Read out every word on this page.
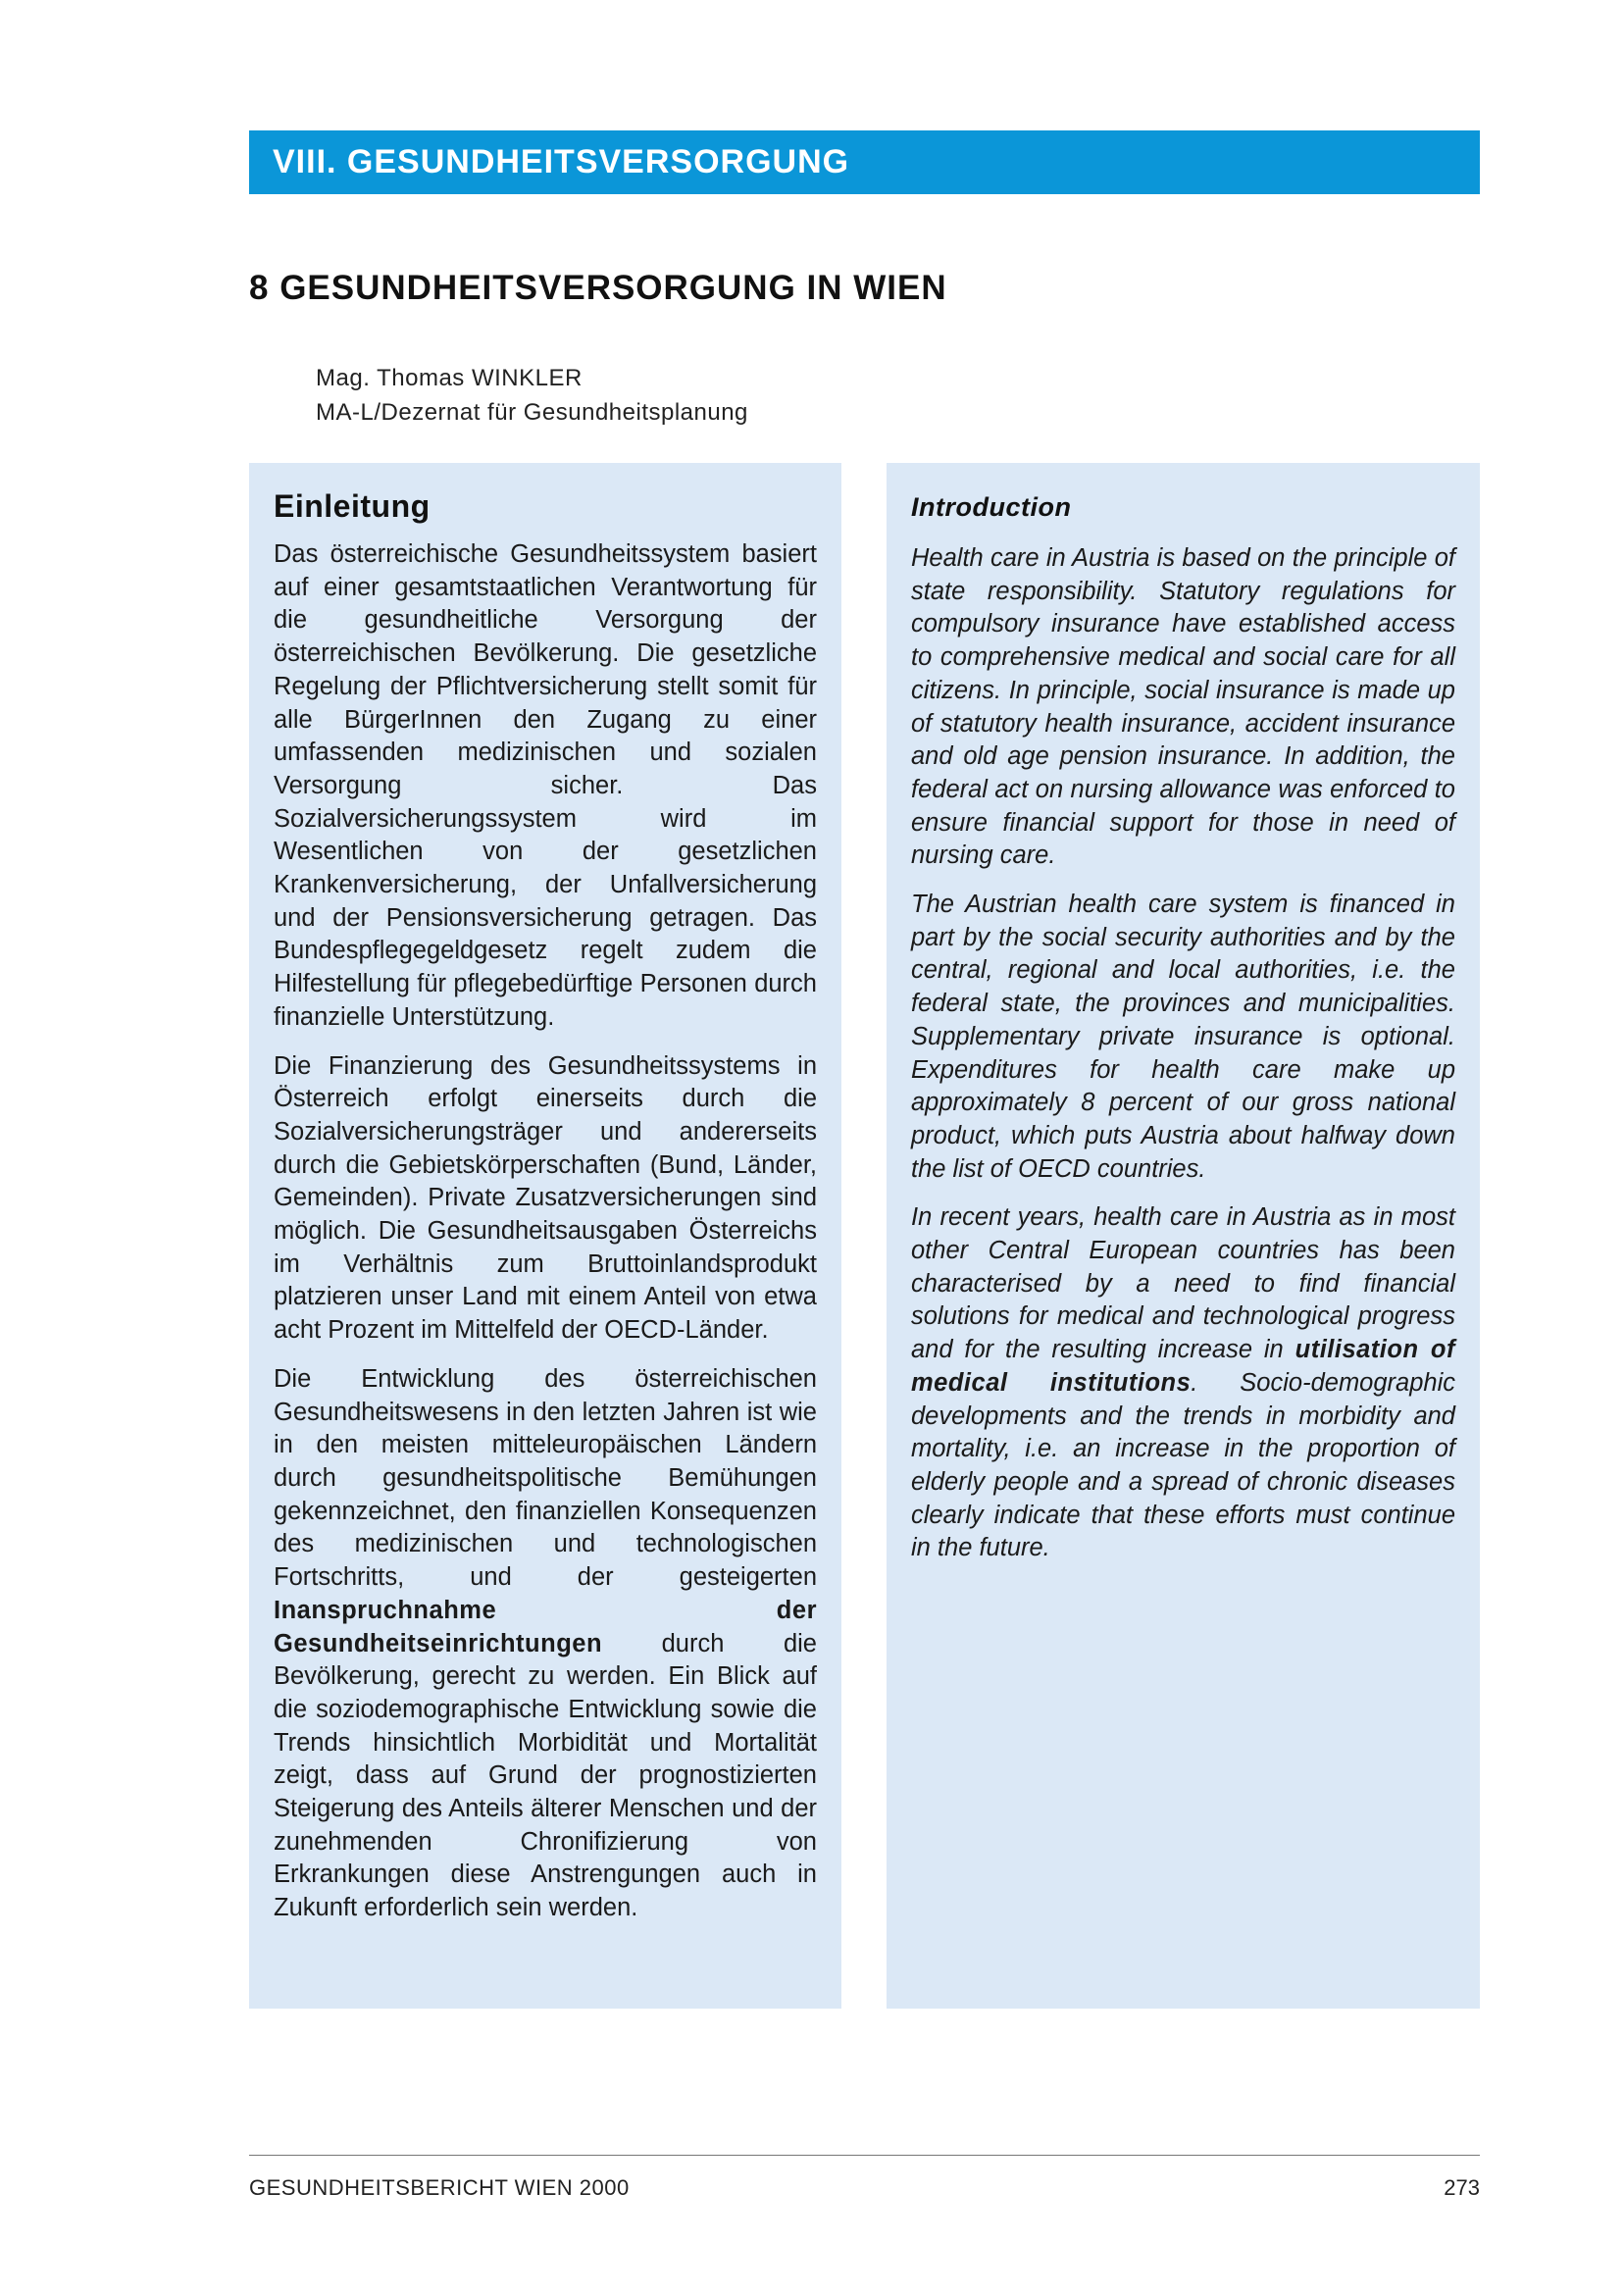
VIII. GESUNDHEITSVERSORGUNG
8 GESUNDHEITSVERSORGUNG IN WIEN
Mag. Thomas WINKLER
MA-L/Dezernat für Gesundheitsplanung
Einleitung

Das österreichische Gesundheitssystem basiert auf einer gesamtstaatlichen Verantwortung für die gesundheitliche Versorgung der österreichischen Bevölkerung. Die gesetzliche Regelung der Pflichtversicherung stellt somit für alle BürgerInnen den Zugang zu einer umfassenden medizinischen und sozialen Versorgung sicher. Das Sozialversicherungssystem wird im Wesentlichen von der gesetzlichen Krankenversicherung, der Unfallversicherung und der Pensionsversicherung getragen. Das Bundespflegegeldgesetz regelt zudem die Hilfestellung für pflegebedürftige Personen durch finanzielle Unterstützung.

Die Finanzierung des Gesundheitssystems in Österreich erfolgt einerseits durch die Sozialversicherungsträger und andererseits durch die Gebietskörperschaften (Bund, Länder, Gemeinden). Private Zusatzversicherungen sind möglich. Die Gesundheitsausgaben Österreichs im Verhältnis zum Bruttoinlandsprodukt platzieren unser Land mit einem Anteil von etwa acht Prozent im Mittelfeld der OECD-Länder.

Die Entwicklung des österreichischen Gesundheitswesens in den letzten Jahren ist wie in den meisten mitteleuropäischen Ländern durch gesundheitspolitische Bemühungen gekennzeichnet, den finanziellen Konsequenzen des medizinischen und technologischen Fortschritts, und der gesteigerten Inanspruchnahme der Gesundheitseinrichtungen durch die Bevölkerung, gerecht zu werden. Ein Blick auf die soziodemographische Entwicklung sowie die Trends hinsichtlich Morbidität und Mortalität zeigt, dass auf Grund der prognostizierten Steigerung des Anteils älterer Menschen und der zunehmenden Chronifizierung von Erkrankungen diese Anstrengungen auch in Zukunft erforderlich sein werden.

Introduction

Health care in Austria is based on the principle of state responsibility. Statutory regulations for compulsory insurance have established access to comprehensive medical and social care for all citizens. In principle, social insurance is made up of statutory health insurance, accident insurance and old age pension insurance. In addition, the federal act on nursing allowance was enforced to ensure financial support for those in need of nursing care.

The Austrian health care system is financed in part by the social security authorities and by the central, regional and local authorities, i.e. the federal state, the provinces and municipalities. Supplementary private insurance is optional. Expenditures for health care make up approximately 8 percent of our gross national product, which puts Austria about halfway down the list of OECD countries.

In recent years, health care in Austria as in most other Central European countries has been characterised by a need to find financial solutions for medical and technological progress and for the resulting increase in utilisation of medical institutions. Socio-demographic developments and the trends in morbidity and mortality, i.e. an increase in the proportion of elderly people and a spread of chronic diseases clearly indicate that these efforts must continue in the future.

GESUNDHEITSBERICHT WIEN 2000	273
